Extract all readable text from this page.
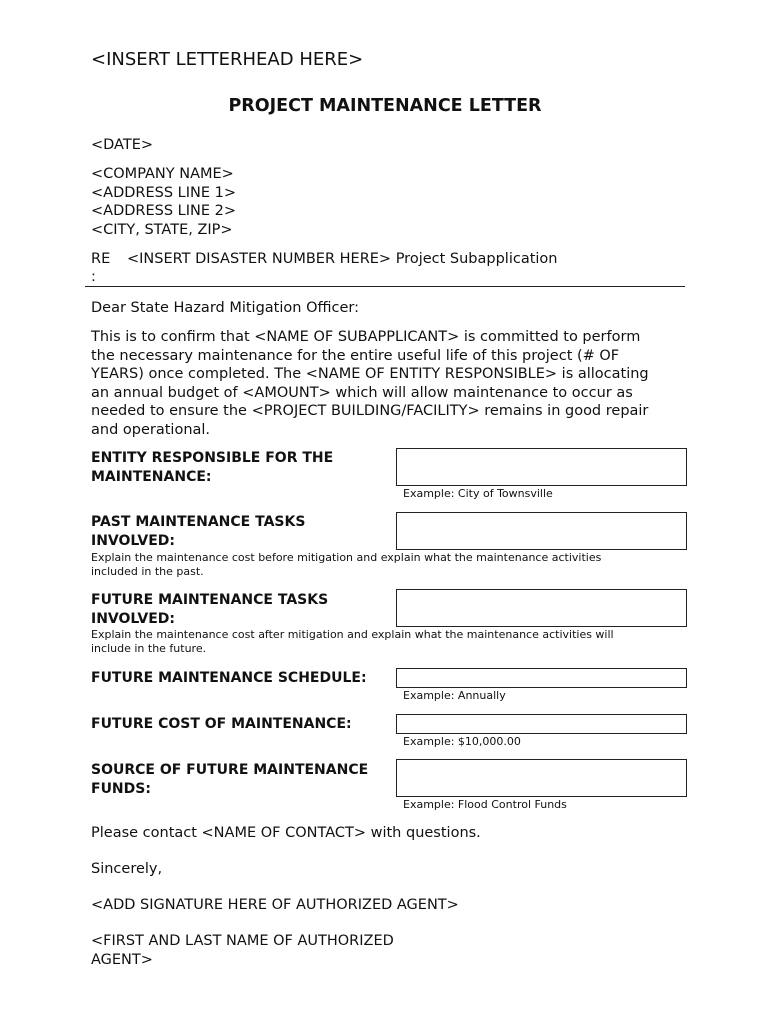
<INSERT LETTERHEAD HERE>
PROJECT MAINTENANCE LETTER
<DATE>
<COMPANY NAME>
<ADDRESS LINE 1>
<ADDRESS LINE 2>
<CITY, STATE, ZIP>
RE
:
<INSERT DISASTER NUMBER HERE> Project Subapplication
Dear State Hazard Mitigation Officer:
This is to confirm that <NAME OF SUBAPPLICANT> is committed to perform
the necessary maintenance for the entire useful life of this project (# OF
YEARS) once completed. The <NAME OF ENTITY RESPONSIBLE> is allocating
an annual budget of <AMOUNT> which will allow maintenance to occur as
needed to ensure the <PROJECT BUILDING/FACILITY> remains in good repair
and operational.
ENTITY RESPONSIBLE FOR THE
MAINTENANCE:
Example: City of Townsville
PAST MAINTENANCE TASKS
INVOLVED:
Explain the maintenance cost before mitigation and explain what the maintenance activities
included in the past.
FUTURE MAINTENANCE TASKS
INVOLVED:
Explain the maintenance cost after mitigation and explain what the maintenance activities will
include in the future.
FUTURE MAINTENANCE SCHEDULE:
Example: Annually
FUTURE COST OF MAINTENANCE:
Example: $10,000.00
SOURCE OF FUTURE MAINTENANCE
FUNDS:
Example: Flood Control Funds
Please contact <NAME OF CONTACT> with questions.
Sincerely,
<ADD SIGNATURE HERE OF AUTHORIZED AGENT>
<FIRST AND LAST NAME OF AUTHORIZED
AGENT>
